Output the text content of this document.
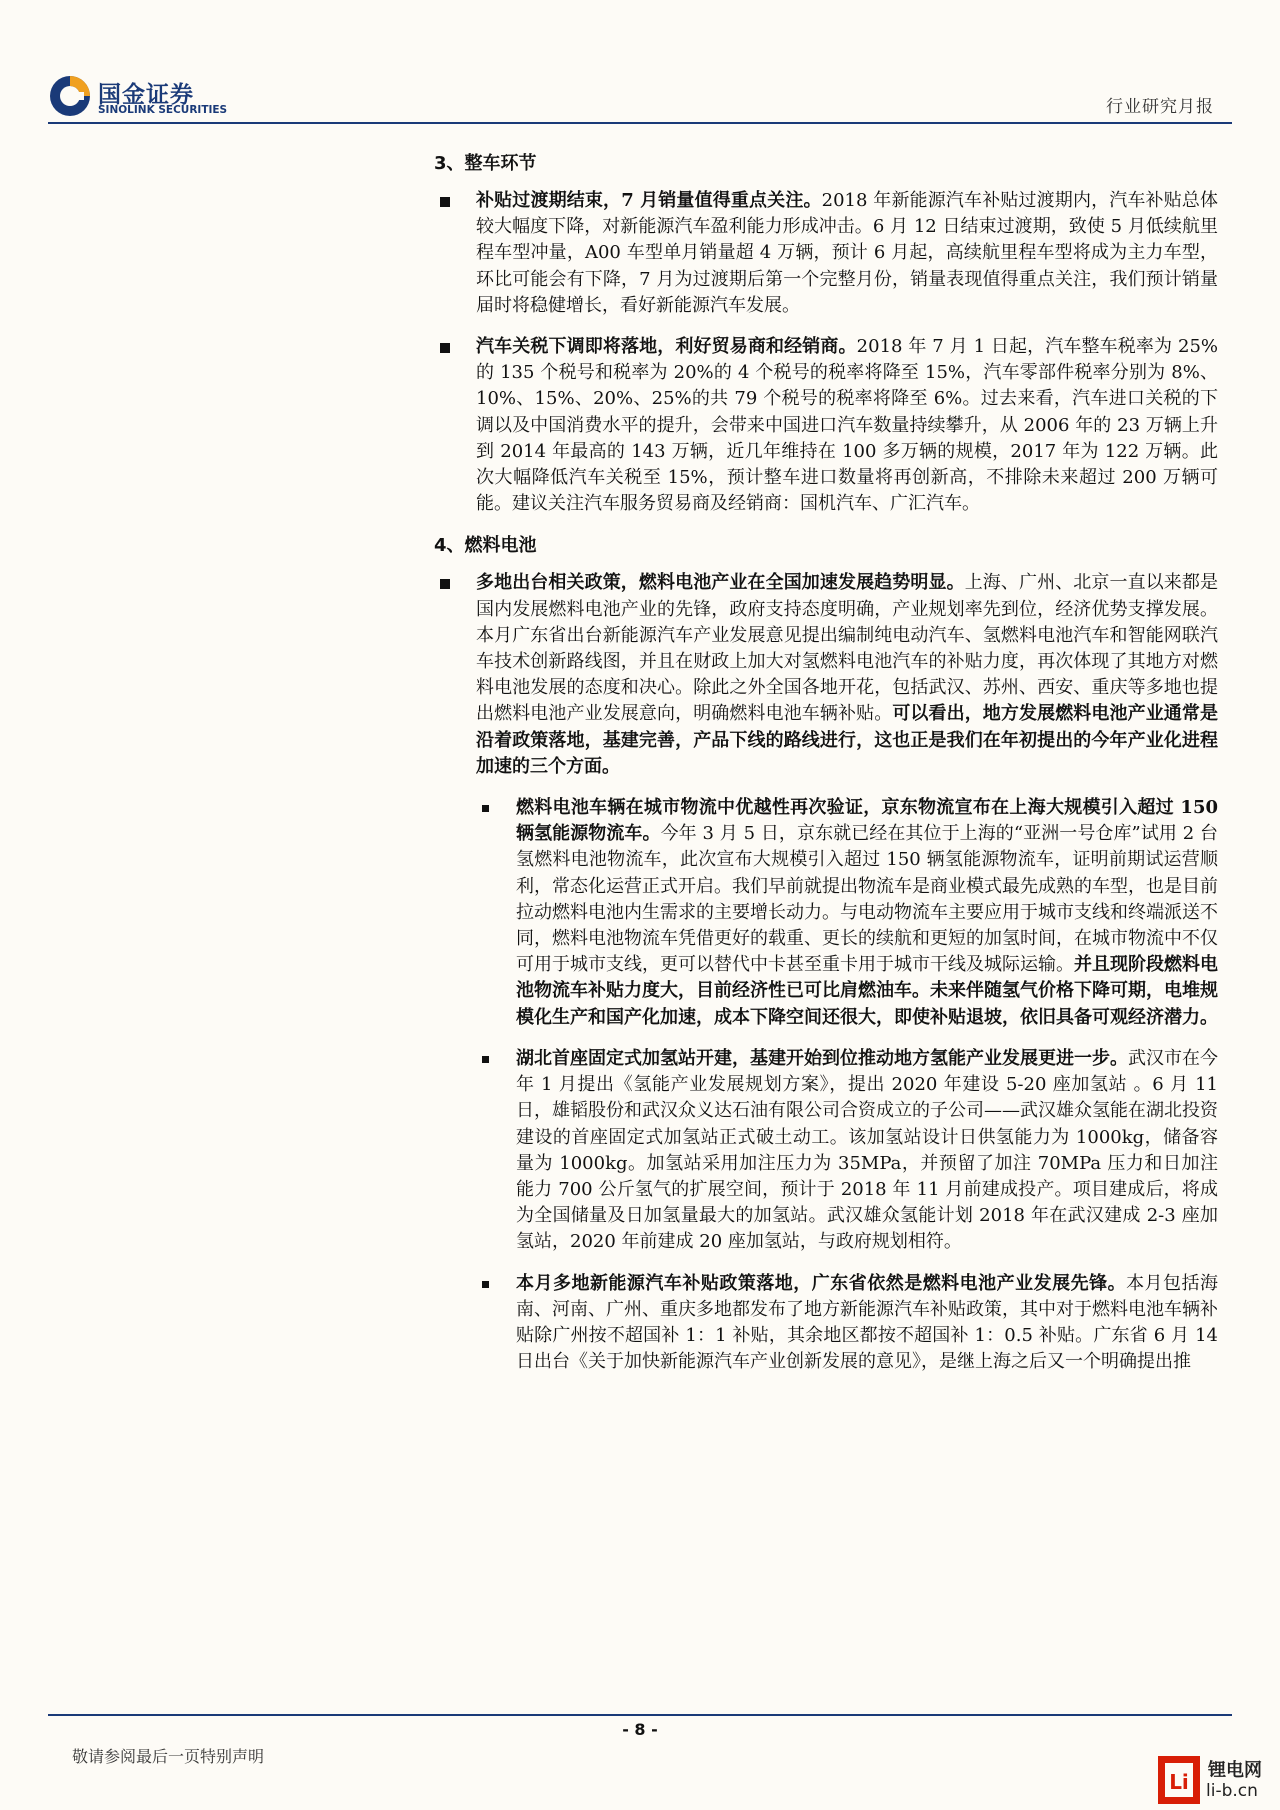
国金证券
SINOLINK SECURITIES	行业研究月报
3、整车环节
补贴过渡期结束，7 月销量值得重点关注。2018 年新能源汽车补贴过渡期内，汽车补贴总体较大幅度下降，对新能源汽车盈利能力形成冲击。6 月 12 日结束过渡期，致使 5 月低续航里程车型冲量，A00 车型单月销量超 4 万辆，预计 6 月起，高续航里程车型将成为主力车型，环比可能会有下降，7 月为过渡期后第一个完整月份，销量表现值得重点关注，我们预计销量届时将稳健增长，看好新能源汽车发展。
汽车关税下调即将落地，利好贸易商和经销商。2018 年 7 月 1 日起，汽车整车税率为 25%的 135 个税号和税率为 20%的 4 个税号的税率将降至 15%，汽车零部件税率分别为 8%、10%、15%、20%、25%的共 79 个税号的税率将降至 6%。过去来看，汽车进口关税的下调以及中国消费水平的提升，会带来中国进口汽车数量持续攀升，从 2006 年的 23 万辆上升到 2014 年最高的 143 万辆，近几年维持在 100 多万辆的规模，2017 年为 122 万辆。此次大幅降低汽车关税至 15%，预计整车进口数量将再创新高，不排除未来超过 200 万辆可能。建议关注汽车服务贸易商及经销商：国机汽车、广汇汽车。
4、燃料电池
多地出台相关政策，燃料电池产业在全国加速发展趋势明显。上海、广州、北京一直以来都是国内发展燃料电池产业的先锋，政府支持态度明确，产业规划率先到位，经济优势支撑发展。本月广东省出台新能源汽车产业发展意见提出编制纯电动汽车、氢燃料电池汽车和智能网联汽车技术创新路线图，并且在财政上加大对氢燃料电池汽车的补贴力度，再次体现了其地方对燃料电池发展的态度和决心。除此之外全国各地开花，包括武汉、苏州、西安、重庆等多地也提出燃料电池产业发展意向，明确燃料电池车辆补贴。可以看出，地方发展燃料电池产业通常是沿着政策落地，基建完善，产品下线的路线进行，这也正是我们在年初提出的今年产业化进程加速的三个方面。
燃料电池车辆在城市物流中优越性再次验证，京东物流宣布在上海大规模引入超过 150 辆氢能源物流车。今年 3 月 5 日，京东就已经在其位于上海的“亚洲一号仓库”试用 2 台氢燃料电池物流车，此次宣布大规模引入超过 150 辆氢能源物流车，证明前期试运营顺利，常态化运营正式开启。我们早前就提出物流车是商业模式最先成熟的车型，也是目前拉动燃料电池内生需求的主要增长动力。与电动物流车主要应用于城市支线和终端派送不同，燃料电池物流车凭借更好的载重、更长的续航和更短的加氢时间，在城市物流中不仅可用于城市支线，更可以替代中卡甚至重卡用于城市干线及城际运输。并且现阶段燃料电池物流车补贴力度大，目前经济性已可比肩燃油车。未来伴随氢气价格下降可期，电堆规模化生产和国产化加速，成本下降空间还很大，即使补贴退坡，依旧具备可观经济潜力。
湖北首座固定式加氢站开建，基建开始到位推动地方氢能产业发展更进一步。武汉市在今年 1 月提出《氢能产业发展规划方案》，提出 2020 年建设 5-20 座加氢站 。6 月 11 日，雄韬股份和武汉众义达石油有限公司合资成立的子公司——武汉雄众氢能在湖北投资建设的首座固定式加氢站正式破土动工。该加氢站设计日供氢能力为 1000kg，储备容量为 1000kg。加氢站采用加注压力为 35MPa，并预留了加注 70MPa 压力和日加注能力 700 公斤氢气的扩展空间，预计于 2018 年 11 月前建成投产。项目建成后，将成为全国储量及日加氢量最大的加氢站。武汉雄众氢能计划 2018 年在武汉建成 2-3 座加氢站，2020 年前建成 20 座加氢站，与政府规划相符。
本月多地新能源汽车补贴政策落地，广东省依然是燃料电池产业发展先锋。本月包括海南、河南、广州、重庆多地都发布了地方新能源汽车补贴政策，其中对于燃料电池车辆补贴除广州按不超国补 1：1 补贴，其余地区都按不超国补 1：0.5 补贴。广东省 6 月 14 日出台《关于加快新能源汽车产业创新发展的意见》，是继上海之后又一个明确提出推
- 8 -
敬请参阅最后一页特别声明
Li 锂电网
li-b.cn
